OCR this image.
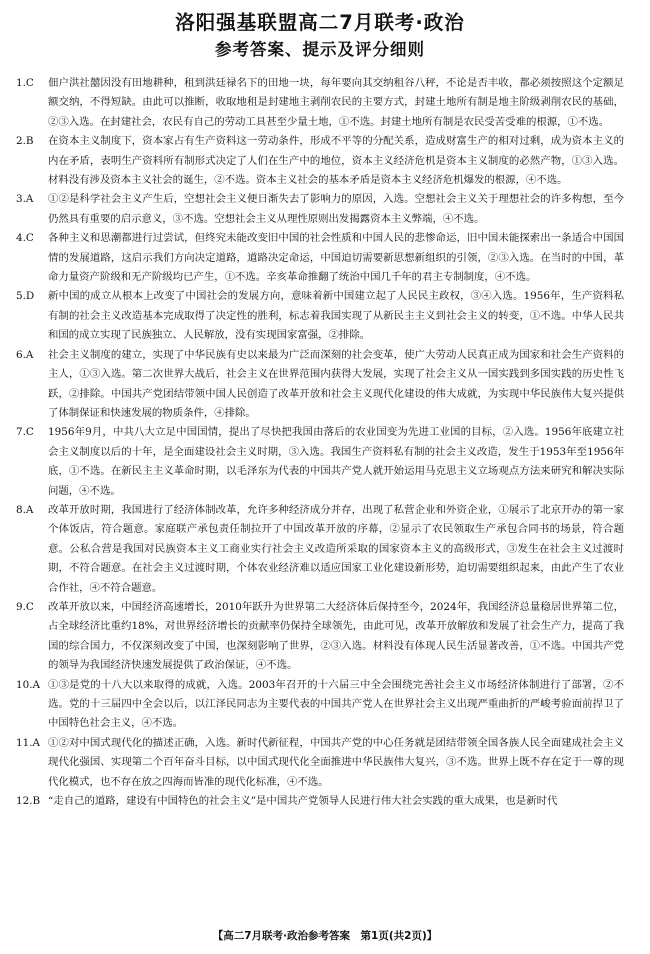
洛阳强基联盟高二7月联考·政治
参考答案、提示及评分细则
1.C	佃户洪社囍因没有田地耕种，租到洪廷禄名下的田地一块，每年要向其交纳租谷八秤，不论是否丰收，都必须按照这个定额足额交纳，不得短缺。由此可以推断，收取地租是封建地主剥削农民的主要方式，封建土地所有制是地主阶级剥削农民的基础，②③入选。在封建社会，农民有自己的劳动工具甚至少量土地，①不选。封建土地所有制是农民受苦受难的根源，①不选。
2.B	在资本主义制度下，资本家占有生产资料这一劳动条件，形成不平等的分配关系，造成财富生产的相对过剩，成为资本主义的内在矛盾，表明生产资料所有制形式决定了人们在生产中的地位，资本主义经济危机是资本主义制度的必然产物，①③入选。材料没有涉及资本主义社会的诞生，②不选。资本主义社会的基本矛盾是资本主义经济危机爆发的根源，④不选。
3.A	①②是科学社会主义产生后，空想社会主义便日渐失去了影响力的原因，入选。空想社会主义关于理想社会的许多构想，至今仍然具有重要的启示意义，③不选。空想社会主义从理性原则出发揭露资本主义弊端，④不选。
4.C	各种主义和思潮都进行过尝试，但终究未能改变旧中国的社会性质和中国人民的悲惨命运，旧中国未能探索出一条适合中国国情的发展道路，这启示我们方向决定道路，道路决定命运，中国迫切需要新思想新组织的引领，②③入选。在当时的中国，革命力量资产阶级和无产阶级均已产生，①不选。辛亥革命推翻了统治中国几千年的君主专制制度，④不选。
5.D	新中国的成立从根本上改变了中国社会的发展方向，意味着新中国建立起了人民民主政权，③④入选。1956年，生产资料私有制的社会主义改造基本完成取得了决定性的胜利，标志着我国实现了从新民主主义到社会主义的转变，①不选。中华人民共和国的成立实现了民族独立、人民解放，没有实现国家富强，②排除。
6.A	社会主义制度的建立，实现了中华民族有史以来最为广泛而深刻的社会变革，使广大劳动人民真正成为国家和社会生产资料的主人，①③入选。第二次世界大战后，社会主义在世界范围内获得大发展，实现了社会主义从一国实践到多国实践的历史性飞跃，②排除。中国共产党团结带领中国人民创造了改革开放和社会主义现代化建设的伟大成就，为实现中华民族伟大复兴提供了体制保证和快速发展的物质条件，④排除。
7.C	1956年9月，中共八大立足中国国情，提出了尽快把我国由落后的农业国变为先进工业国的目标，②入选。1956年底建立社会主义制度以后的十年，是全面建设社会主义时期，③入选。我国生产资料私有制的社会主义改造，发生于1953年至1956年底，①不选。在新民主主义革命时期，以毛泽东为代表的中国共产党人就开始运用马克思主义立场观点方法来研究和解决实际问题，④不选。
8.A	改革开放时期，我国进行了经济体制改革，允许多种经济成分并存，出现了私营企业和外资企业，①展示了北京开办的第一家个体饭店，符合题意。家庭联产承包责任制拉开了中国改革开放的序幕，②显示了农民领取生产承包合同书的场景，符合题意。公私合营是我国对民族资本主义工商业实行社会主义改造所采取的国家资本主义的高级形式，③发生在社会主义过渡时期，不符合题意。在社会主义过渡时期，个体农业经济难以适应国家工业化建设新形势，迫切需要组织起来，由此产生了农业合作社，④不符合题意。
9.C	改革开放以来，中国经济高速增长，2010年跃升为世界第二大经济体后保持至今，2024年，我国经济总量稳居世界第二位，占全球经济比重约18%，对世界经济增长的贡献率仍保持全球领先，由此可见，改革开放解放和发展了社会生产力，提高了我国的综合国力，不仅深刻改变了中国，也深刻影响了世界，②③入选。材料没有体现人民生活显著改善，①不选。中国共产党的领导为我国经济快速发展提供了政治保证，④不选。
10.A ①③是党的十八大以来取得的成就，入选。2003年召开的十六届三中全会围绕完善社会主义市场经济体制进行了部署，②不选。党的十三届四中全会以后，以江泽民同志为主要代表的中国共产党人在世界社会主义出现严重曲折的严峻考验面前捍卫了中国特色社会主义，④不选。
11.A ①②对中国式现代化的描述正确，入选。新时代新征程，中国共产党的中心任务就是团结带领全国各族人民全面建成社会主义现代化强国、实现第二个百年奋斗目标，以中国式现代化全面推进中华民族伟大复兴，③不选。世界上既不存在定于一尊的现代化模式，也不存在放之四海而皆准的现代化标准，④不选。
12.B “走自己的道路，建设有中国特色的社会主义”是中国共产党领导人民进行伟大社会实践的重大成果，也是新时代
【高二7月联考·政治参考答案　第1页(共2页)】
